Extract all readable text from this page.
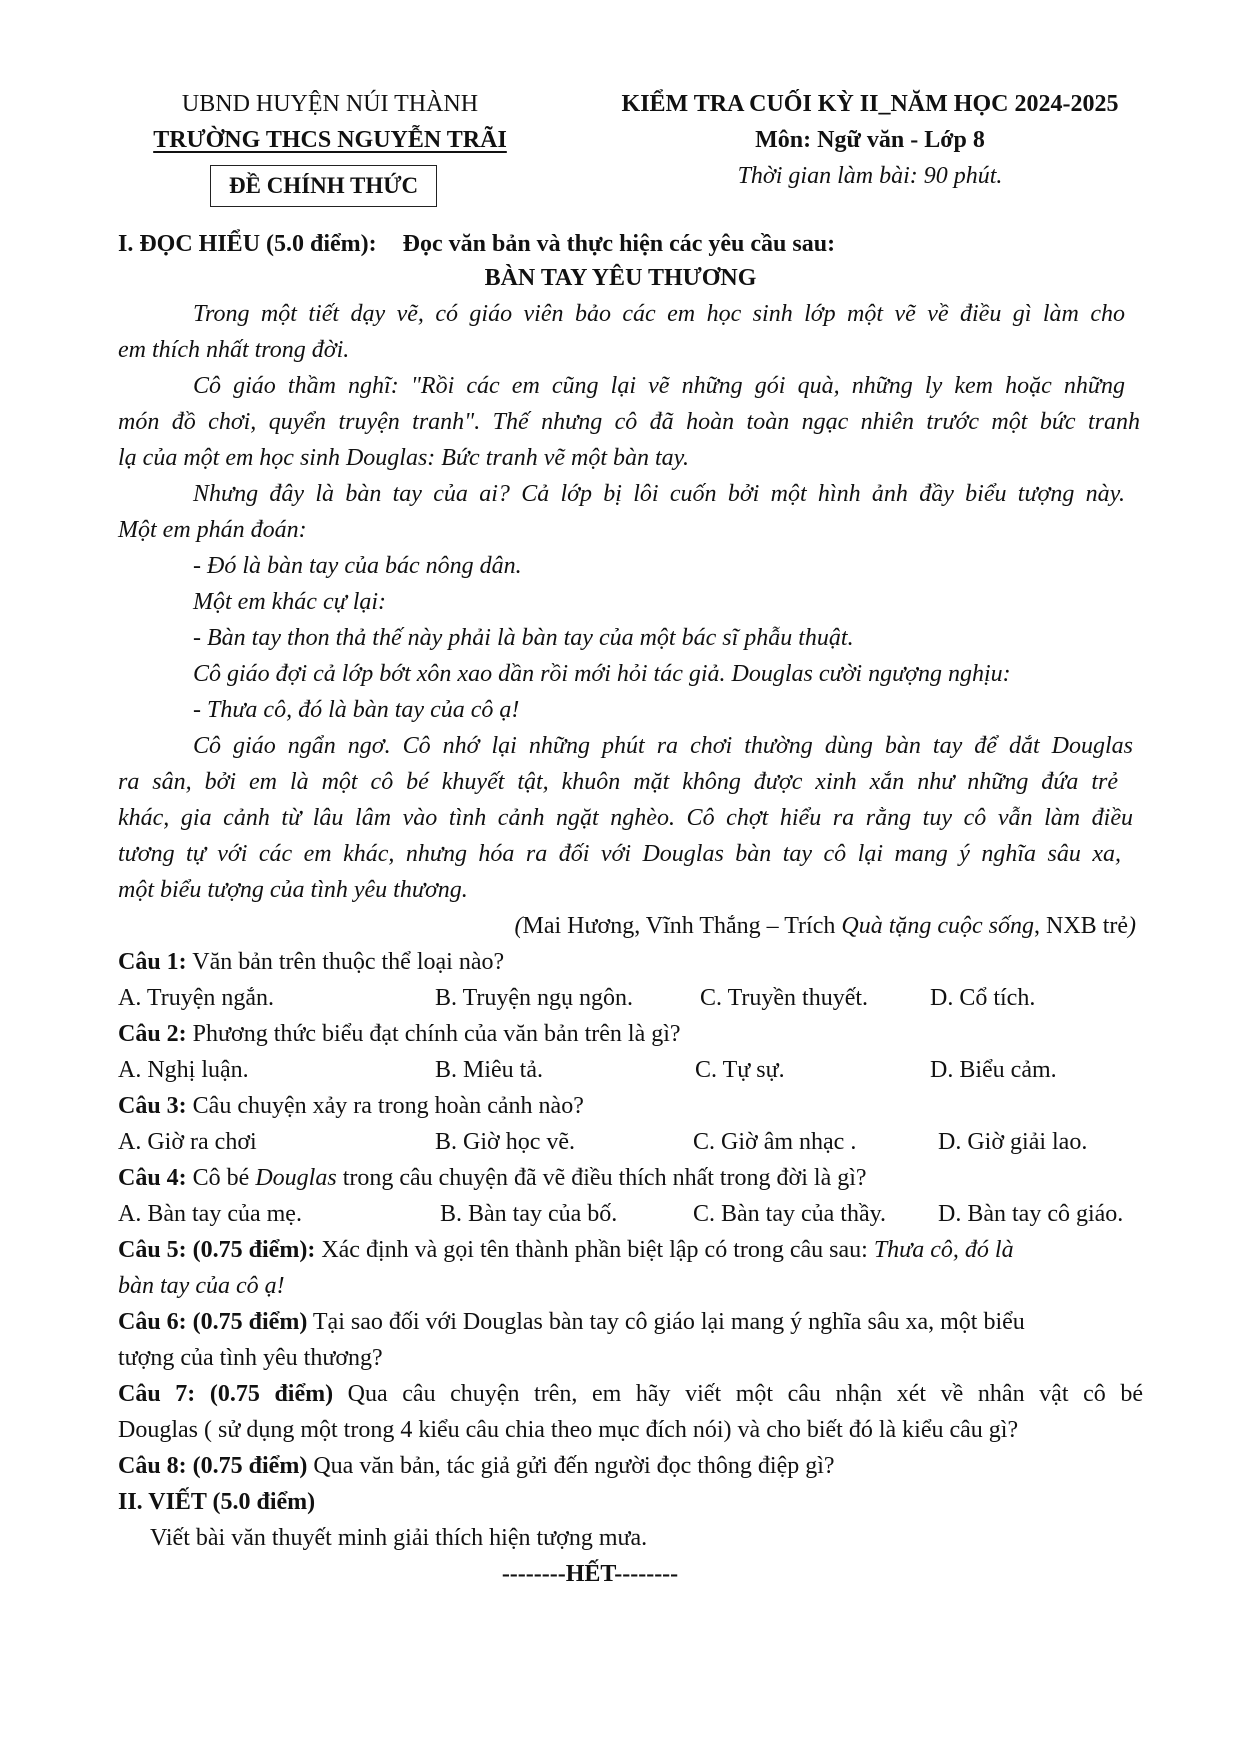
UBND HUYỆN NÚI THÀNH
TRƯỜNG THCS NGUYỄN TRÃI
ĐỀ CHÍNH THỨC
KIỂM TRA CUỐI KỲ II_NĂM HỌC 2024-2025
Môn: Ngữ văn - Lớp 8
Thời gian làm bài: 90 phút.
I. ĐỌC HIỂU (5.0 điểm): Đọc văn bản và thực hiện các yêu cầu sau:
BÀN TAY YÊU THƯƠNG
Trong một tiết dạy vẽ, có giáo viên bảo các em học sinh lớp một vẽ về điều gì làm cho
em thích nhất trong đời.
Cô giáo thầm nghĩ: "Rồi các em cũng lại vẽ những gói quà, những ly kem hoặc những
món đồ chơi, quyển truyện tranh". Thế nhưng cô đã hoàn toàn ngạc nhiên trước một bức tranh
lạ của một em học sinh Douglas: Bức tranh vẽ một bàn tay.
Nhưng đây là bàn tay của ai? Cả lớp bị lôi cuốn bởi một hình ảnh đầy biểu tượng này.
Một em phán đoán:
- Đó là bàn tay của bác nông dân.
Một em khác cự lại:
- Bàn tay thon thả thế này phải là bàn tay của một bác sĩ phẫu thuật.
Cô giáo đợi cả lớp bớt xôn xao dần rồi mới hỏi tác giả. Douglas cười ngượng nghịu:
- Thưa cô, đó là bàn tay của cô ạ!
Cô giáo ngẩn ngơ. Cô nhớ lại những phút ra chơi thường dùng bàn tay để dắt Douglas
ra sân, bởi em là một cô bé khuyết tật, khuôn mặt không được xinh xắn như những đứa trẻ
khác, gia cảnh từ lâu lâm vào tình cảnh ngặt nghèo. Cô chợt hiểu ra rằng tuy cô vẫn làm điều
tương tự với các em khác, nhưng hóa ra đối với Douglas bàn tay cô lại mang ý nghĩa sâu xa,
một biểu tượng của tình yêu thương.
(Mai Hương, Vĩnh Thắng – Trích Quà tặng cuộc sống, NXB trẻ)
Câu 1: Văn bản trên thuộc thể loại nào?
A. Truyện ngắn.	B. Truyện ngụ ngôn.	C. Truyền thuyết.	D. Cổ tích.
Câu 2: Phương thức biểu đạt chính của văn bản trên là gì?
A. Nghị luận.	B. Miêu tả.	C. Tự sự.	D. Biểu cảm.
Câu 3: Câu chuyện xảy ra trong hoàn cảnh nào?
A. Giờ ra chơi	B. Giờ học vẽ.	C. Giờ âm nhạc .	D. Giờ giải lao.
Câu 4: Cô bé Douglas trong câu chuyện đã vẽ điều thích nhất trong đời là gì?
A. Bàn tay của mẹ.	B. Bàn tay của bố.	C. Bàn tay của thầy. D. Bàn tay cô giáo.
Câu 5: (0.75 điểm): Xác định và gọi tên thành phần biệt lập có trong câu sau: Thưa cô, đó là
bàn tay của cô ạ!
Câu 6: (0.75 điểm) Tại sao đối với Douglas bàn tay cô giáo lại mang ý nghĩa sâu xa, một biểu
tượng của tình yêu thương?
Câu 7: (0.75 điểm) Qua câu chuyện trên, em hãy viết một câu nhận xét về nhân vật cô bé
Douglas ( sử dụng một trong 4 kiểu câu chia theo mục đích nói) và cho biết đó là kiểu câu gì?
Câu 8: (0.75 điểm) Qua văn bản, tác giả gửi đến người đọc thông điệp gì?
II. VIẾT (5.0 điểm)
Viết bài văn thuyết minh giải thích hiện tượng mưa.
--------HẾT--------
